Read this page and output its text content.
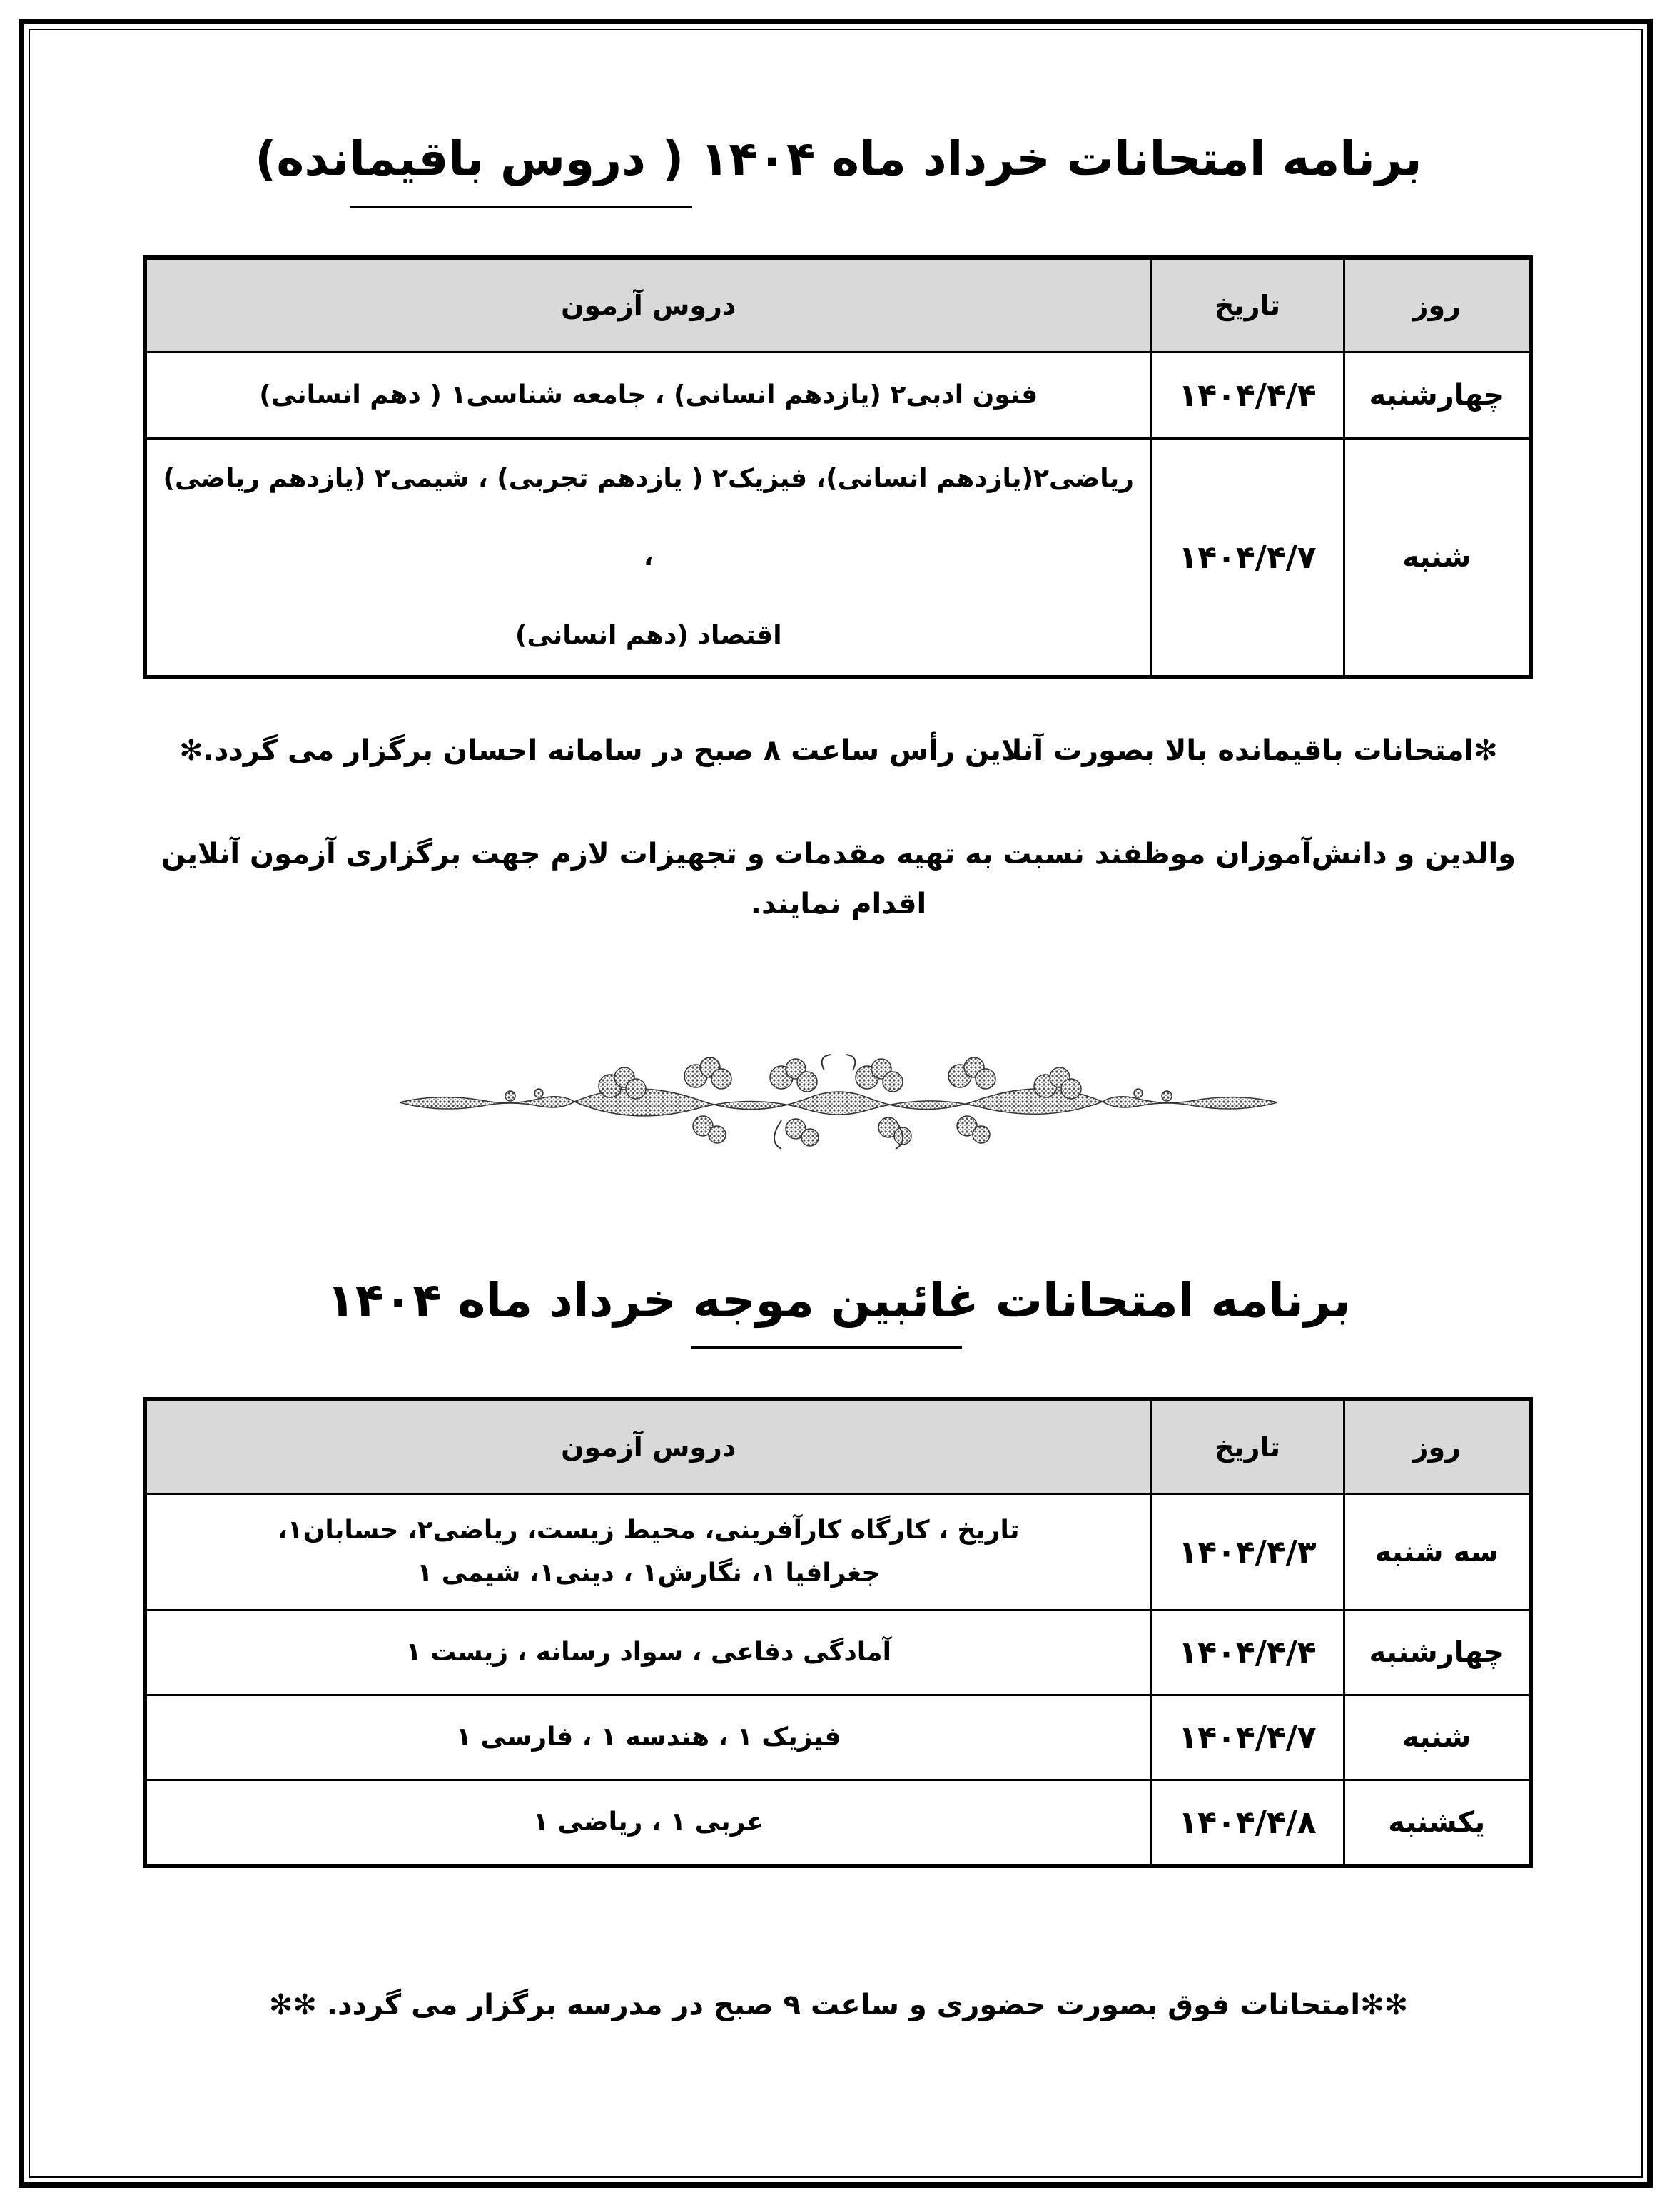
برنامه امتحانات خرداد ماه ۱۴۰۴ ( دروس باقیمانده)
روز	تاریخ	دروس آزمون
چهارشنبه	۱۴۰۴/۴/۴	فنون ادبی۲ (یازدهم انسانی) ، جامعه شناسی۱ ( دهم انسانی)

شنبه	۱۴۰۴/۴/۷	ریاضی۲(یازدهم انسانی)، فیزیک۲ ( یازدهم تجربی) ، شیمی۲ (یازدهم ریاضی) ،
اقتصاد (دهم انسانی)
✻امتحانات باقیمانده بالا بصورت آنلاین رأس ساعت ۸ صبح در سامانه احسان برگزار می گردد.✻
والدین و دانش‌آموزان موظفند نسبت به تهیه مقدمات و تجهیزات لازم جهت برگزاری آزمون آنلاین
اقدام نمایند.
برنامه امتحانات غائبین موجه خرداد ماه ۱۴۰۴
روز	تاریخ	دروس آزمون
سه شنبه	۱۴۰۴/۴/۳	تاریخ ، کارگاه کارآفرینی، محیط زیست، ریاضی۲، حسابان۱،
جغرافیا ۱، نگارش۱ ، دینی۱، شیمی ۱

چهارشنبه	۱۴۰۴/۴/۴	آمادگی دفاعی ، سواد رسانه ، زیست ۱

شنبه	۱۴۰۴/۴/۷	فیزیک ۱ ، هندسه ۱ ، فارسی ۱

یکشنبه	۱۴۰۴/۴/۸	عربی ۱ ، ریاضی ۱
✻✻امتحانات فوق بصورت حضوری و ساعت ۹ صبح در مدرسه برگزار می گردد. ✻✻
